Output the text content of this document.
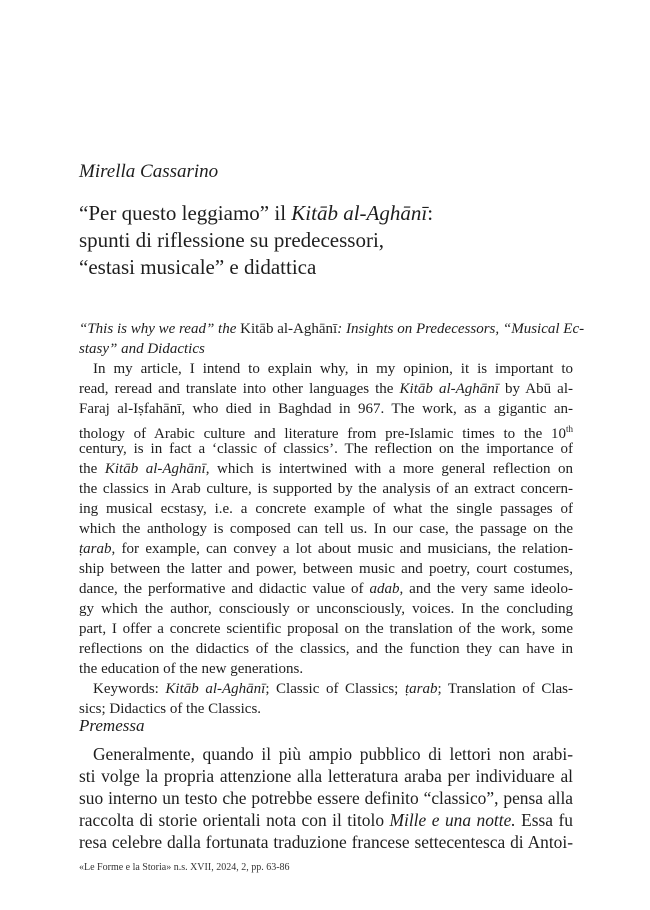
Mirella Cassarino
“Per questo leggiamo” il Kitāb al-Aghānī:
spunti di riflessione su predecessori,
“estasi musicale” e didattica
“This is why we read” the Kitāb al-Aghānī: Insights on Predecessors, “Musical Ec-
stasy” and Didactics
In my article, I intend to explain why, in my opinion, it is important to
read, reread and translate into other languages the Kitāb al-Aghānī by Abū al-
Faraj al-Iṣfahānī, who died in Baghdad in 967. The work, as a gigantic an-
thology of Arabic culture and literature from pre-Islamic times to the 10th
century, is in fact a ‘classic of classics’. The reflection on the importance of
the Kitāb al-Aghānī, which is intertwined with a more general reflection on
the classics in Arab culture, is supported by the analysis of an extract concern-
ing musical ecstasy, i.e. a concrete example of what the single passages of
which the anthology is composed can tell us. In our case, the passage on the
ṭarab, for example, can convey a lot about music and musicians, the relation-
ship between the latter and power, between music and poetry, court costumes,
dance, the performative and didactic value of adab, and the very same ideolo-
gy which the author, consciously or unconsciously, voices. In the concluding
part, I offer a concrete scientific proposal on the translation of the work, some
reflections on the didactics of the classics, and the function they can have in
the education of the new generations.
Keywords: Kitāb al-Aghānī; Classic of Classics; ṭarab; Translation of Clas-
sics; Didactics of the Classics.
Premessa
Generalmente, quando il più ampio pubblico di lettori non arabi-
sti volge la propria attenzione alla letteratura araba per individuare al
suo interno un testo che potrebbe essere definito “classico”, pensa alla
raccolta di storie orientali nota con il titolo Mille e una notte. Essa fu
resa celebre dalla fortunata traduzione francese settecentesca di Antoi-
«Le Forme e la Storia» n.s. XVII, 2024, 2, pp. 63-86
